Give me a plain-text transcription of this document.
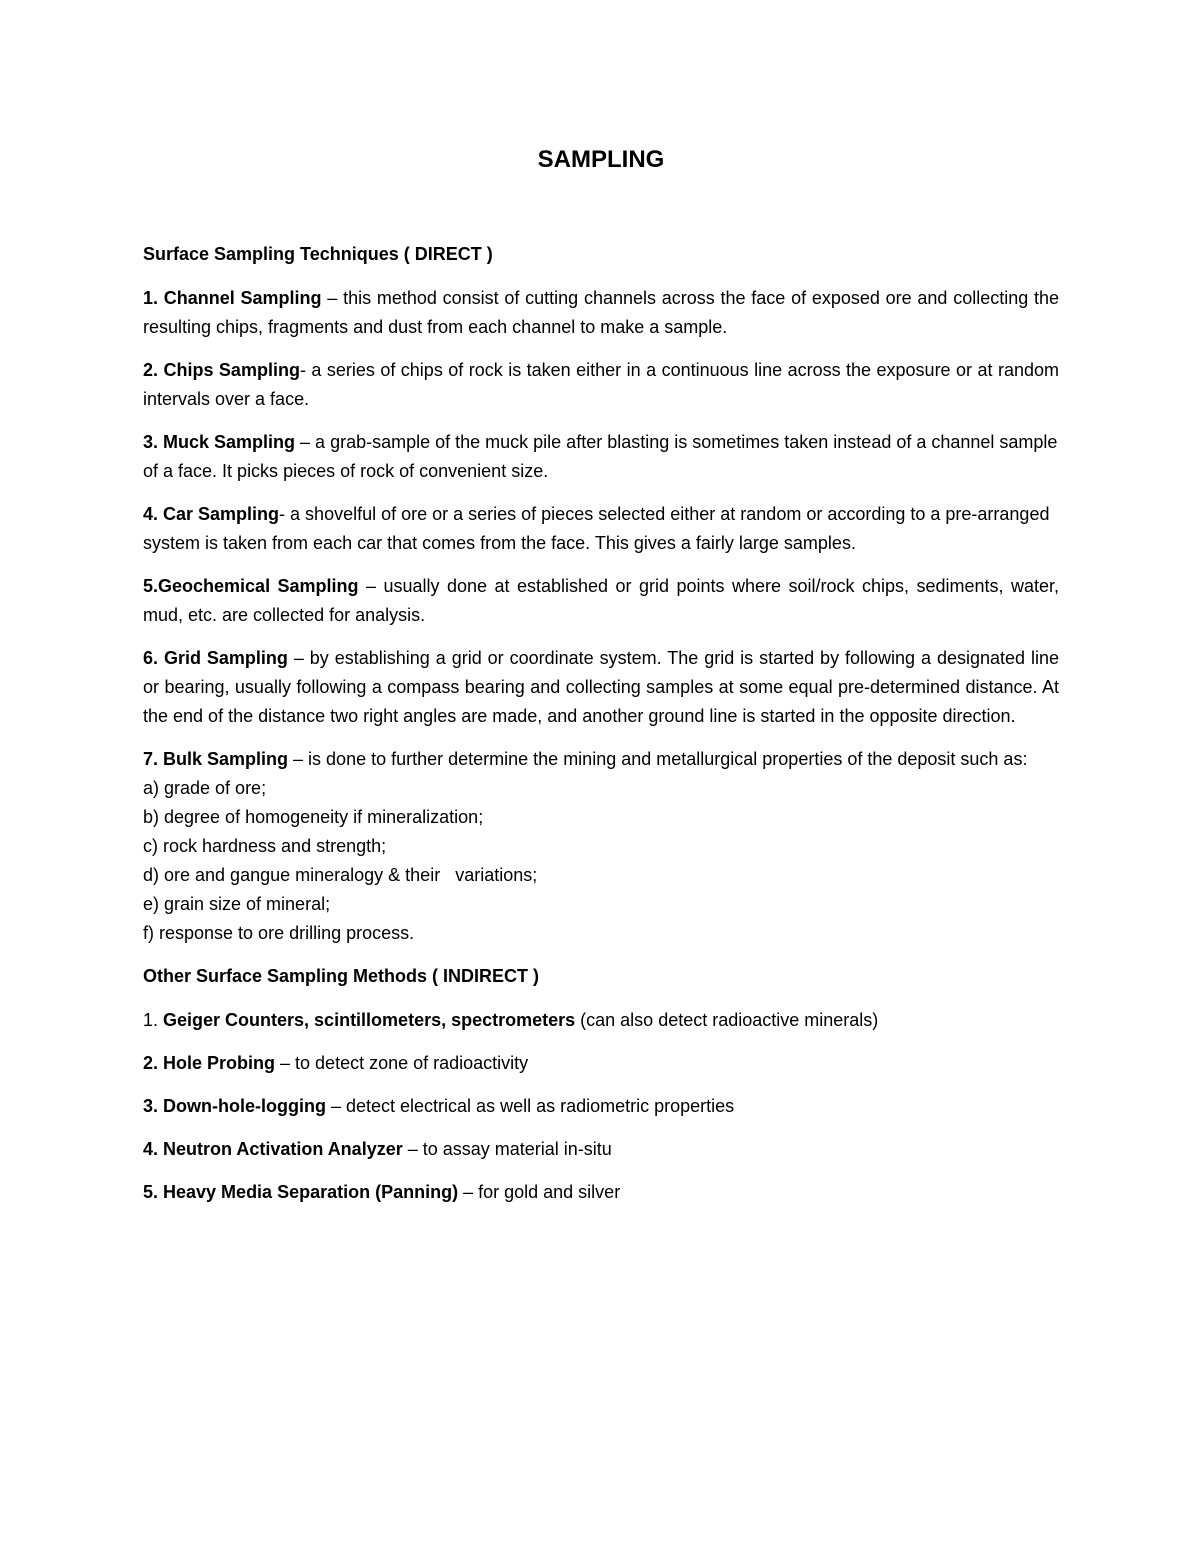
SAMPLING
Surface Sampling Techniques ( DIRECT )
1. Channel Sampling – this method consist of cutting channels across the face of exposed ore and collecting the resulting chips, fragments and dust from each channel to make a sample.
2. Chips Sampling- a series of chips of rock is taken either in a continuous line across the exposure or at random intervals over a face.
3. Muck Sampling – a grab-sample of the muck pile after blasting is sometimes taken instead of a channel sample of a face. It picks pieces of rock of convenient size.
4. Car Sampling- a shovelful of ore or a series of pieces selected either at random or according to a pre-arranged system is taken from each car that comes from the face. This gives a fairly large samples.
5.Geochemical Sampling – usually done at established or grid points where soil/rock chips, sediments, water, mud, etc. are collected for analysis.
6. Grid Sampling – by establishing a grid or coordinate system. The grid is started by following a designated line or bearing, usually following a compass bearing and collecting samples at some equal pre-determined distance. At the end of the distance two right angles are made, and another ground line is started in the opposite direction.
7. Bulk Sampling – is done to further determine the mining and metallurgical properties of the deposit such as:
a) grade of ore;
b) degree of homogeneity if mineralization;
c) rock hardness and strength;
d) ore and gangue mineralogy & their   variations;
e) grain size of mineral;
f) response to ore drilling process.
Other Surface Sampling Methods ( INDIRECT )
1. Geiger Counters, scintillometers, spectrometers (can also detect radioactive minerals)
2. Hole Probing – to detect zone of radioactivity
3. Down-hole-logging – detect electrical as well as radiometric properties
4. Neutron Activation Analyzer – to assay material in-situ
5. Heavy Media Separation (Panning) – for gold and silver
